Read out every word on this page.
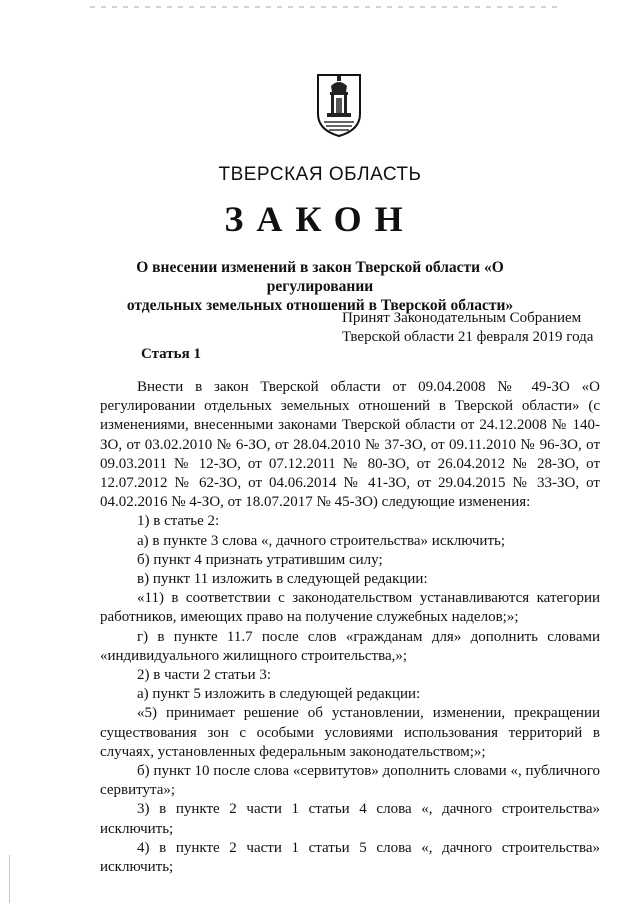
ТВЕРСКАЯ ОБЛАСТЬ
ЗАКОН
О внесении изменений в закон Тверской области «О регулировании
отдельных земельных отношений в Тверской области»
Принят Законодательным Собранием
Тверской области 21 февраля 2019 года
Статья 1

Внести в закон Тверской области от 09.04.2008 № 49-ЗО «О регулировании отдельных земельных отношений в Тверской области» (с изменениями, внесенными законами Тверской области от 24.12.2008 № 140-ЗО, от 03.02.2010 № 6-ЗО, от 28.04.2010 № 37-ЗО, от 09.11.2010 № 96-ЗО, от 09.03.2011 № 12-ЗО, от 07.12.2011 № 80-ЗО, от 26.04.2012 № 28-ЗО, от 12.07.2012 № 62-ЗО, от 04.06.2014 № 41-ЗО, от 29.04.2015 № 33-ЗО, от 04.02.2016 № 4-ЗО, от 18.07.2017 № 45-ЗО) следующие изменения:

1) в статье 2:

а) в пункте 3 слова «, дачного строительства» исключить;

б) пункт 4 признать утратившим силу;

в) пункт 11 изложить в следующей редакции:

«11) в соответствии с законодательством устанавливаются категории работников, имеющих право на получение служебных наделов;»;

г) в пункте 11.7 после слов «гражданам для» дополнить словами «индивидуального жилищного строительства,»;

2) в части 2 статьи 3:

а) пункт 5 изложить в следующей редакции:

«5) принимает решение об установлении, изменении, прекращении существования зон с особыми условиями использования территорий в случаях, установленных федеральным законодательством;»;

б) пункт 10 после слова «сервитутов» дополнить словами «, публичного сервитута»;

3) в пункте 2 части 1 статьи 4 слова «, дачного строительства» исключить;

4) в пункте 2 части 1 статьи 5 слова «, дачного строительства» исключить;
